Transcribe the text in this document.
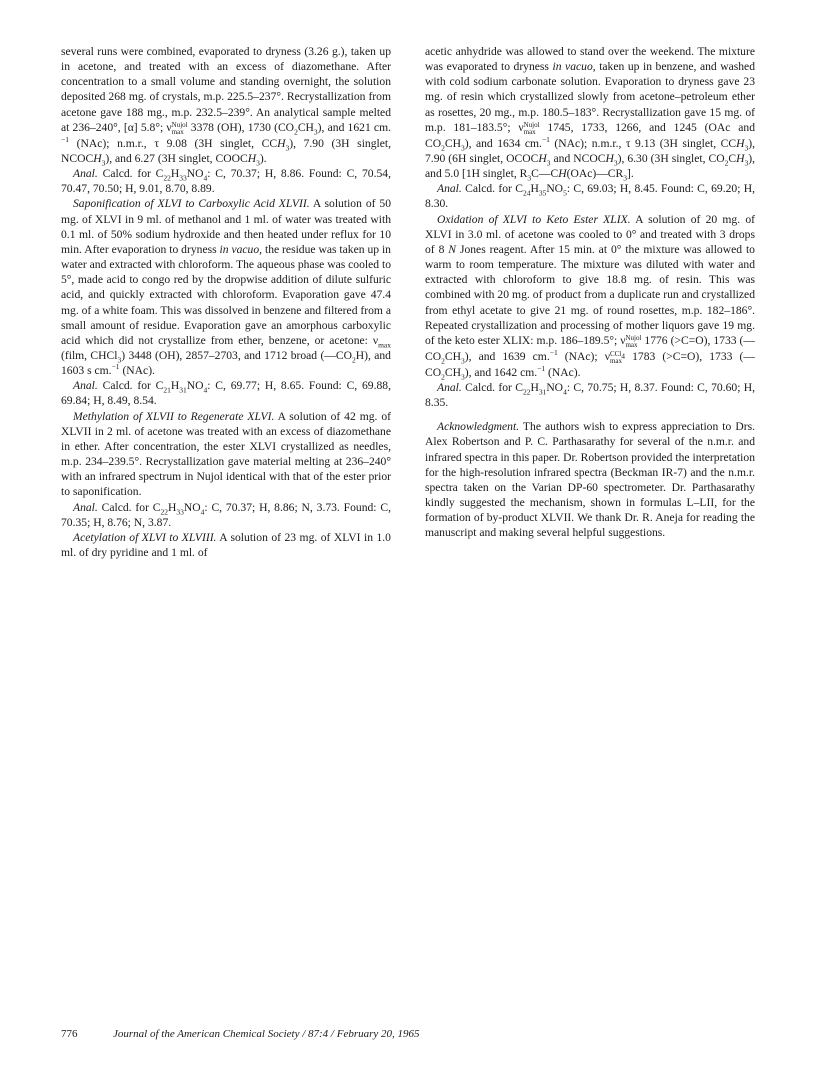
several runs were combined, evaporated to dryness (3.26 g.), taken up in acetone, and treated with an excess of diazomethane. After concentration to a small volume and standing overnight, the solution deposited 268 mg. of crystals, m.p. 225.5–237°. Recrystallization from acetone gave 188 mg., m.p. 232.5–239°. An analytical sample melted at 236–240°, [α] 5.8°; ν Nujol
max 3378 (OH), 1730 $(CO_2CH_3)$, and 1621 cm.$^{-1}$ (NAc); n.m.r., τ 9.08 (3H singlet, $CCH_3$), 7.90 (3H singlet, $NCOCH_3$), and 6.27 (3H singlet, $COOCH_3$).

Anal. Calcd. for $C_{22}H_{33}NO_4$: C, 70.37; H, 8.86. Found: C, 70.54, 70.47, 70.50; H, 9.01, 8.70, 8.89.

Saponification of XLVI to Carboxylic Acid XLVII. A solution of 50 mg. of XLVI in 9 ml. of methanol and 1 ml. of water was treated with 0.1 ml. of 50% sodium hydroxide and then heated under reflux for 10 min. After evaporation to dryness in vacuo, the residue was taken up in water and extracted with chloroform. The aqueous phase was cooled to 5°, made acid to congo red by the dropwise addition of dilute sulfuric acid, and quickly extracted with chloroform. Evaporation gave 47.4 mg. of a white foam. This was dissolved in benzene and filtered from a small amount of residue. Evaporation gave an amorphous carboxylic acid which did not crystallize from ether, benzene, or acetone: $\nu_{max}$ (film, CHCl$_3$) 3448 (OH), 2857–2703, and 1712 broad $(—CO_2H)$, and 1603 s cm.$^{-1}$ (NAc).

Anal. Calcd. for $C_{21}H_{31}NO_4$: C, 69.77; H, 8.65. Found: C, 69.88, 69.84; H, 8.49, 8.54.

Methylation of XLVII to Regenerate XLVI. A solution of 42 mg. of XLVII in 2 ml. of acetone was treated with an excess of diazomethane in ether. After concentration, the ester XLVI crystallized as needles, m.p. 234–239.5°. Recrystallization gave material melting at 236–240° with an infrared spectrum in Nujol identical with that of the ester prior to saponification.

Anal. Calcd. for $C_{22}H_{33}NO_4$: C, 70.37; H, 8.86; N, 3.73. Found: C, 70.35; H, 8.76; N, 3.87.

Acetylation of XLVI to XLVIII. A solution of 23 mg. of XLVI in 1.0 ml. of dry pyridine and 1 ml. of

acetic anhydride was allowed to stand over the weekend. The mixture was evaporated to dryness in vacuo, taken up in benzene, and washed with cold sodium carbonate solution. Evaporation to dryness gave 23 mg. of resin which crystallized slowly from acetone–petroleum ether as rosettes, 20 mg., m.p. 180.5–183°. Recrystallization gave 15 mg. of m.p. 181–183.5°; ν Nujol
max 1745, 1733, 1266, and 1245 (OAc and $CO_2CH_3$), and 1634 cm.$^{-1}$ (NAc); n.m.r., τ 9.13 (3H singlet, $CCH_3$), 7.90 (6H singlet, $OCOCH_3$ and $NCOCH_3$), 6.30 (3H singlet, $CO_2CH_3$), and 5.0 [1H singlet, $R_3C—CH(OAc)—CR_3$].

Anal. Calcd. for $C_{24}H_{35}NO_5$: C, 69.03; H, 8.45. Found: C, 69.20; H, 8.30.

Oxidation of XLVI to Keto Ester XLIX. A solution of 20 mg. of XLVI in 3.0 ml. of acetone was cooled to 0° and treated with 3 drops of 8 N Jones reagent. After 15 min. at 0° the mixture was allowed to warm to room temperature. The mixture was diluted with water and extracted with chloroform to give 18.8 mg. of resin. This was combined with 20 mg. of product from a duplicate run and crystallized from ethyl acetate to give 21 mg. of round rosettes, m.p. 182–186°. Repeated crystallization and processing of mother liquors gave 19 mg. of the keto ester XLIX: m.p. 186–189.5°; ν Nujol
max 1776 (>C=O), 1733 $(—CO_2CH_3)$, and 1639 cm.$^{-1}$ (NAc); ν CCl$_4$
max 1783 (>C=O), 1733 $(—CO_2CH_3)$, and 1642 cm.$^{-1}$ (NAc).

Anal. Calcd. for $C_{22}H_{31}NO_4$: C, 70.75; H, 8.37. Found: C, 70.60; H, 8.35.

Acknowledgment. The authors wish to express appreciation to Drs. Alex Robertson and P. C. Parthasarathy for several of the n.m.r. and infrared spectra in this paper. Dr. Robertson provided the interpretation for the high-resolution infrared spectra (Beckman IR-7) and the n.m.r. spectra taken on the Varian DP-60 spectrometer. Dr. Parthasarathy kindly suggested the mechanism, shown in formulas L–LII, for the formation of by-product XLVII. We thank Dr. R. Aneja for reading the manuscript and making several helpful suggestions.

776	Journal of the American Chemical Society / 87:4 / February 20, 1965
